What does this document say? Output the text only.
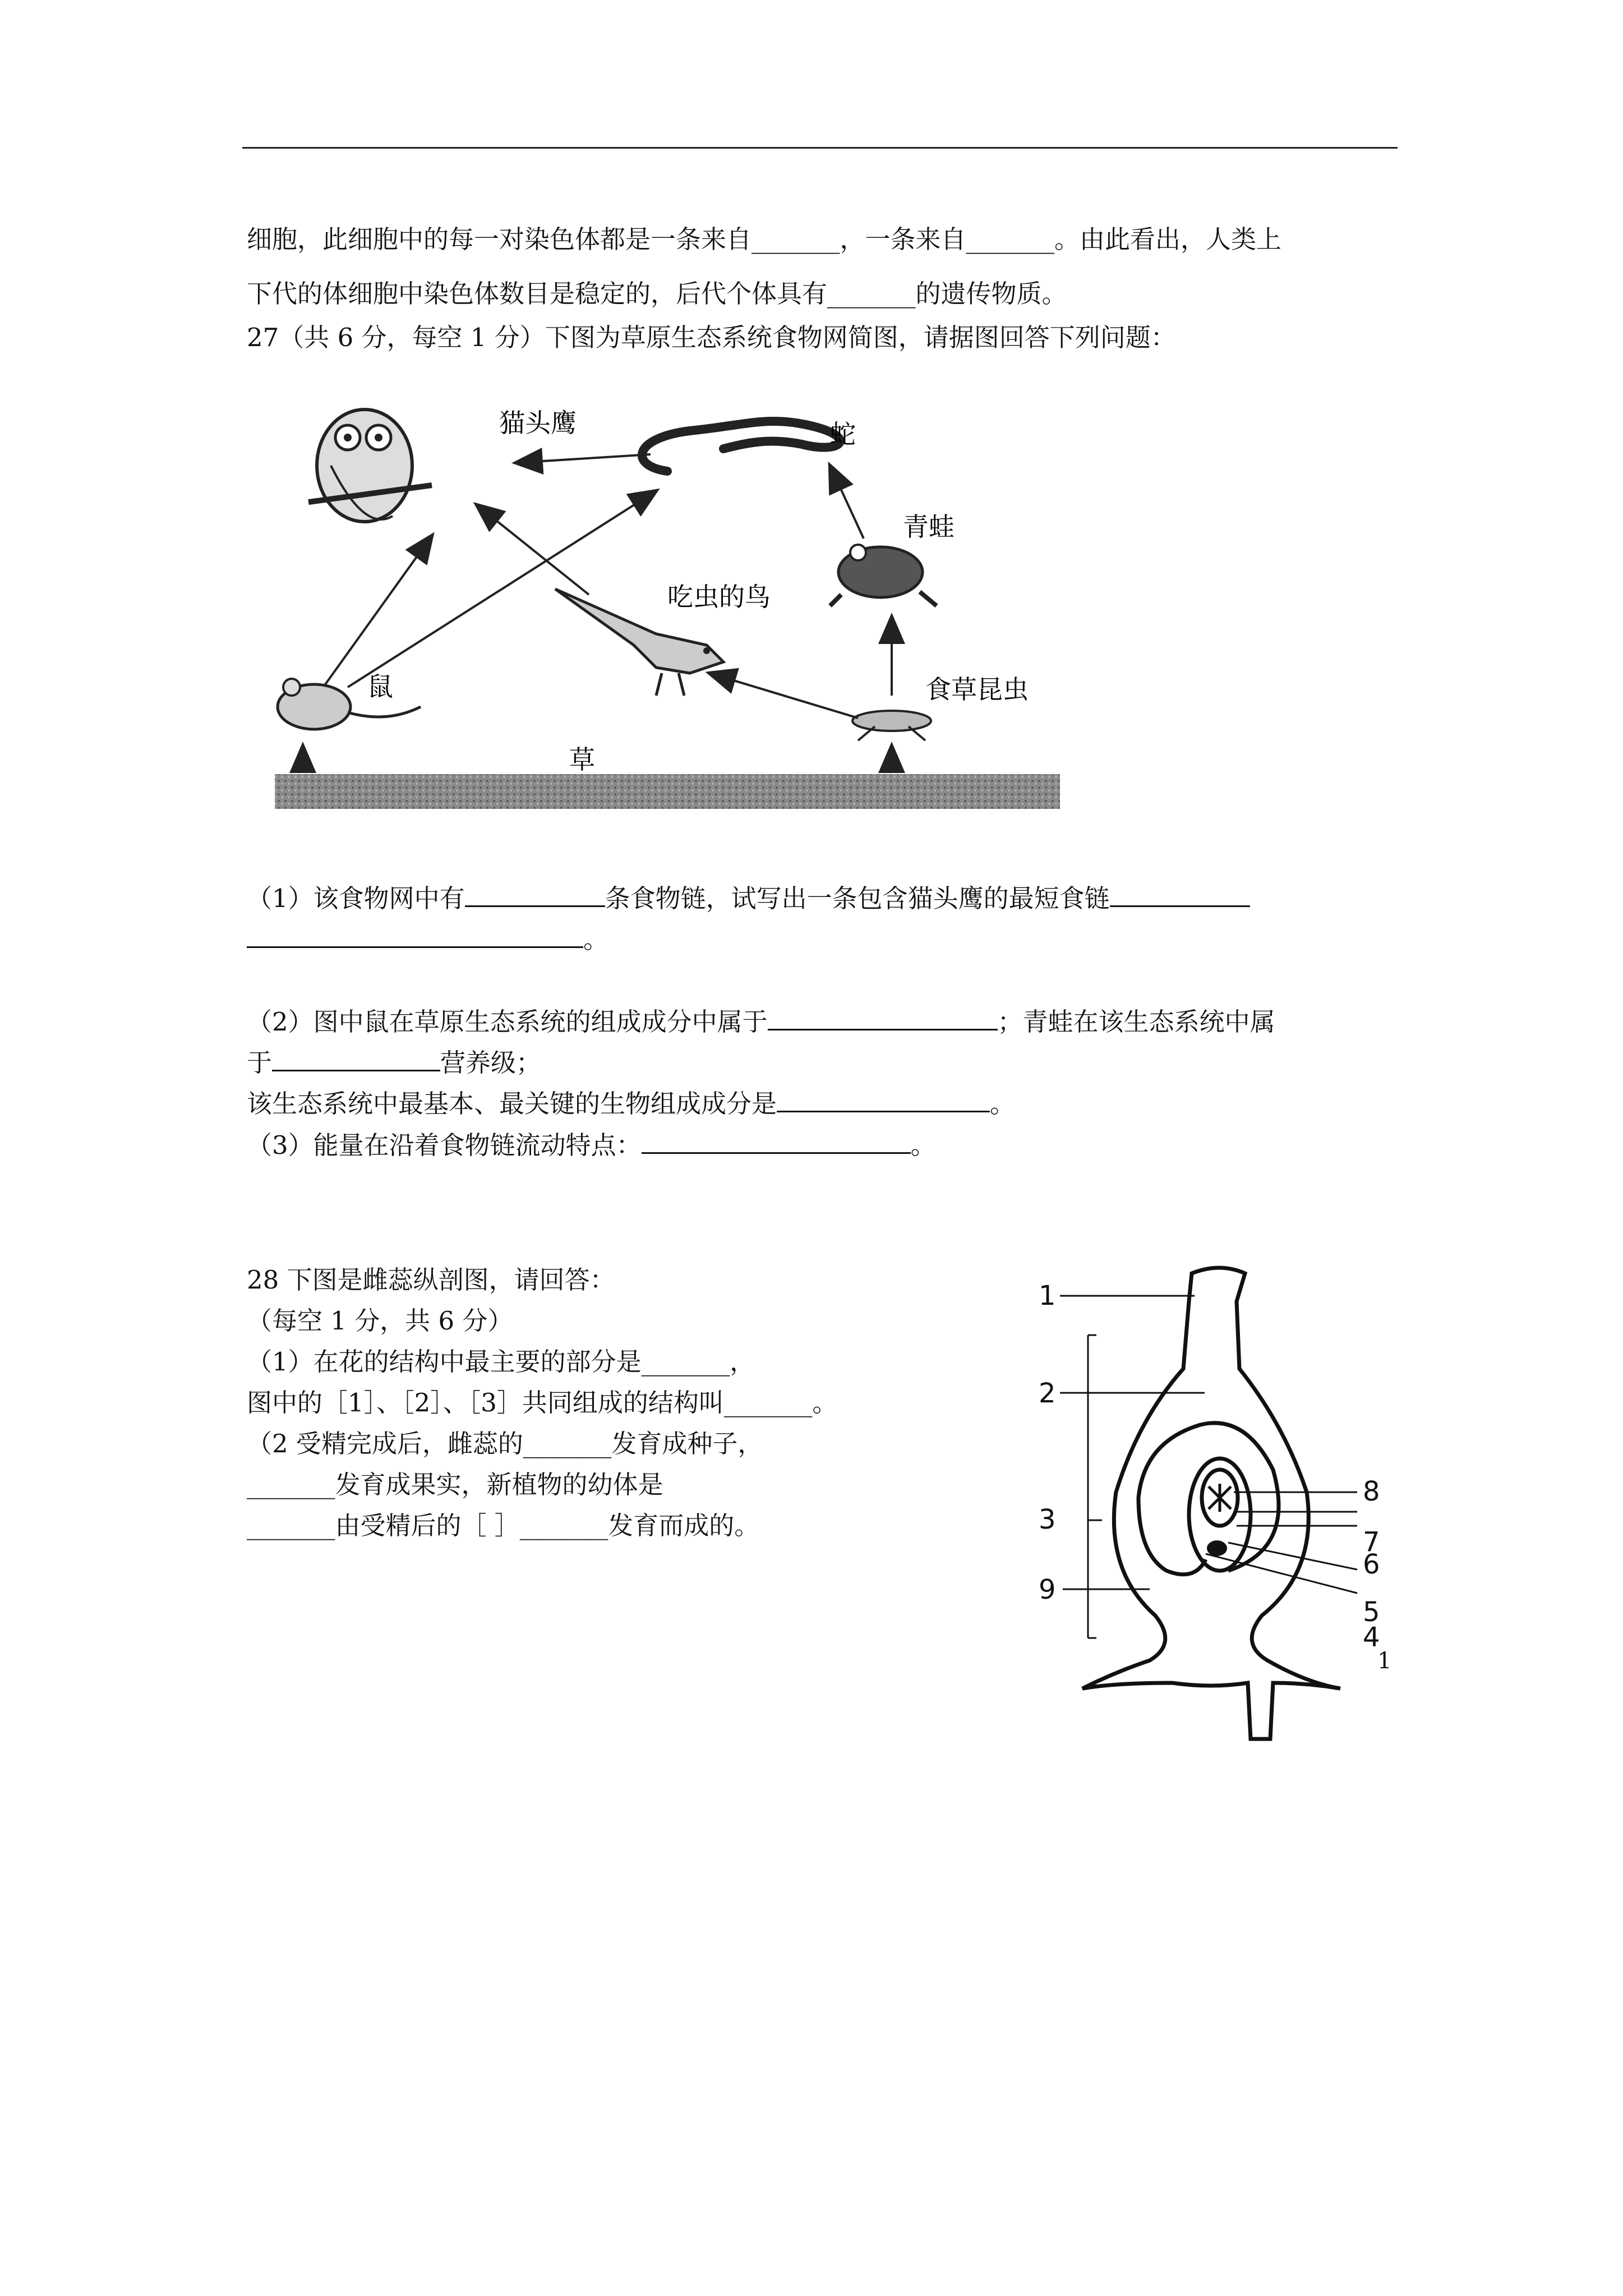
细胞，此细胞中的每一对染色体都是一条来自_______，一条来自_______。由此看出，人类上
下代的体细胞中染色体数目是稳定的，后代个体具有_______的遗传物质。
27（共 6 分，每空 1 分）下图为草原生态系统食物网简图，请据图回答下列问题：
猫头鹰	蛇
青蛙
吃虫的鸟
鼠	食草昆虫
草
（1）该食物网中有	条食物链，试写出一条包含猫头鹰的最短食链
。
（2）图中鼠在草原生态系统的组成成分中属于	；青蛙在该生态系统中属
于	营养级；
该生态系统中最基本、最关键的生物组成成分是	。
（3）能量在沿着食物链流动特点：	。
28 下图是雌蕊纵剖图，请回答：
（每空 1 分，共 6 分）
（1）在花的结构中最主要的部分是_______，
图中的［1］、［2］、［3］共同组成的结构叫_______。
（2 受精完成后，雌蕊的_______发育成种子，
_______发育成果实，新植物的幼体是
_______由受精后的［ ］_______发育而成的。
1
2
3
9
8
7
6
5
4
1
